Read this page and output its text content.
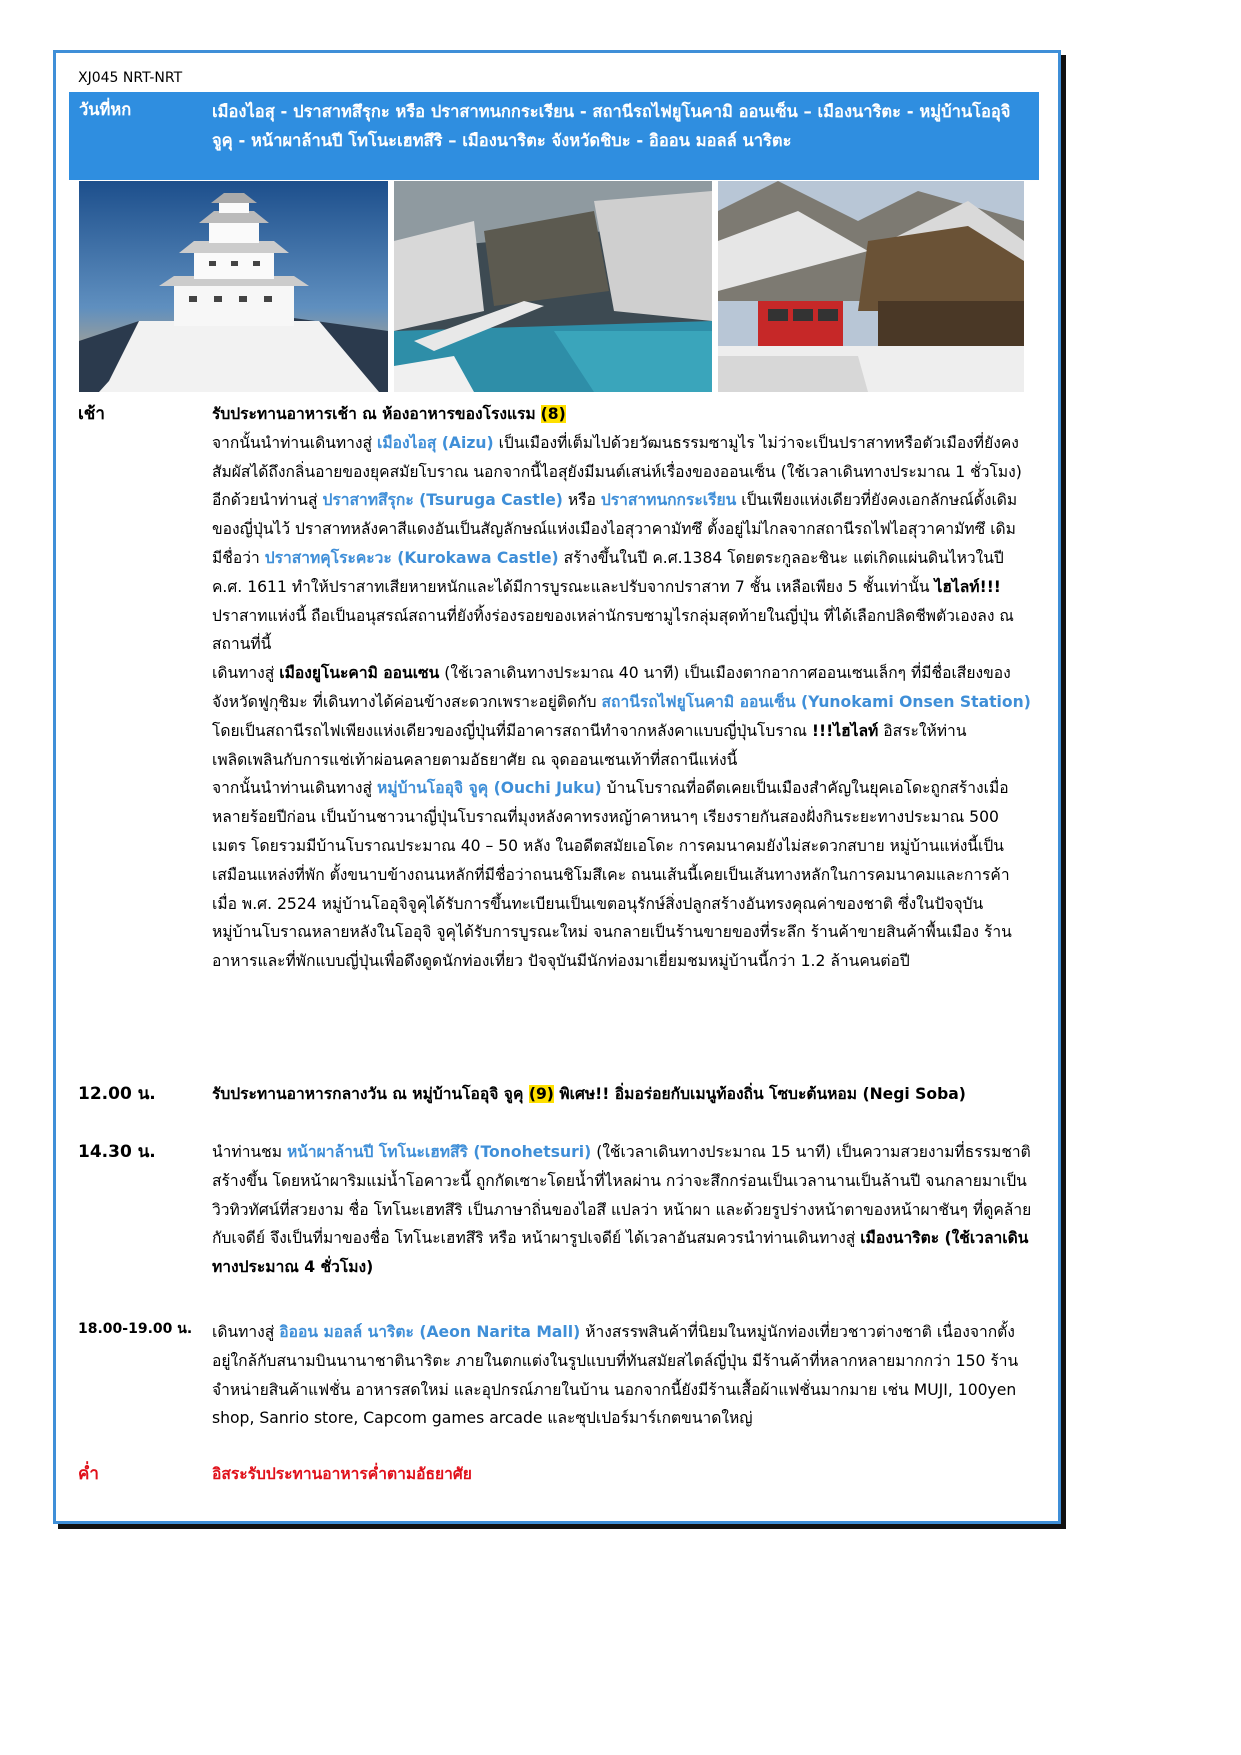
XJ045 NRT-NRT
วันที่หก	เมืองไอสุ - ปราสาทสึรุกะ หรือ ปราสาทนกกระเรียน - สถานีรถไฟยูโนคามิ ออนเซ็น – เมืองนาริตะ - หมู่บ้านโออุจิ จูคุ - หน้าผาล้านปี โทโนะเฮทสึริ – เมืองนาริตะ จังหวัดชิบะ - อิออน มอลล์ นาริตะ
เช้า	รับประทานอาหารเช้า ณ ห้องอาหารของโรงแรม (8)
จากนั้นนำท่านเดินทางสู่ เมืองไอสุ (Aizu) เป็นเมืองที่เต็มไปด้วยวัฒนธรรมซามูไร ไม่ว่าจะเป็นปราสาทหรือตัวเมืองที่ยังคงสัมผัสได้ถึงกลิ่นอายของยุคสมัยโบราณ นอกจากนี้ไอสุยังมีมนต์เสน่ห์เรื่องของออนเซ็น (ใช้เวลาเดินทางประมาณ 1 ชั่วโมง) อีกด้วยนำท่านสู่ ปราสาทสึรุกะ (Tsuruga Castle) หรือ ปราสาทนกกระเรียน เป็นเพียงแห่งเดียวที่ยังคงเอกลักษณ์ดั้งเดิมของญี่ปุ่นไว้ ปราสาทหลังคาสีแดงอันเป็นสัญลักษณ์แห่งเมืองไอสุวาคามัทซึ ตั้งอยู่ไม่ไกลจากสถานีรถไฟไอสุวาคามัทซึ เดิมมีชื่อว่า ปราสาทคุโระคะวะ (Kurokawa Castle) สร้างขึ้นในปี ค.ศ.1384 โดยตระกูลอะชินะ แต่เกิดแผ่นดินไหวในปี ค.ศ. 1611 ทำให้ปราสาทเสียหายหนักและได้มีการบูรณะและปรับจากปราสาท 7 ชั้น เหลือเพียง 5 ชั้นเท่านั้น ไฮไลท์!!! ปราสาทแห่งนี้ ถือเป็นอนุสรณ์สถานที่ยังทิ้งร่องรอยของเหล่านักรบซามูไรกลุ่มสุดท้ายในญี่ปุ่น ที่ได้เลือกปลิดชีพตัวเองลง ณ สถานที่นี้
เดินทางสู่ เมืองยูโนะคามิ ออนเซน (ใช้เวลาเดินทางประมาณ 40 นาที) เป็นเมืองตากอากาศออนเซนเล็กๆ ที่มีชื่อเสียงของจังหวัดฟูกุชิมะ ที่เดินทางได้ค่อนข้างสะดวกเพราะอยู่ติดกับ สถานีรถไฟยูโนคามิ ออนเซ็น (Yunokami Onsen Station) โดยเป็นสถานีรถไฟเพียงแห่งเดียวของญี่ปุ่นที่มีอาคารสถานีทำจากหลังคาแบบญี่ปุ่นโบราณ !!!ไฮไลท์ อิสระให้ท่านเพลิดเพลินกับการแช่เท้าผ่อนคลายตามอัธยาศัย ณ จุดออนเซนเท้าที่สถานีแห่งนี้
จากนั้นนำท่านเดินทางสู่ หมู่บ้านโออุจิ จูคุ (Ouchi Juku) บ้านโบราณที่อดีตเคยเป็นเมืองสำคัญในยุคเอโดะถูกสร้างเมื่อหลายร้อยปีก่อน เป็นบ้านชาวนาญี่ปุ่นโบราณที่มุงหลังคาทรงหญ้าคาหนาๆ เรียงรายกันสองฝั่งกินระยะทางประมาณ 500 เมตร โดยรวมมีบ้านโบราณประมาณ 40 – 50 หลัง ในอดีตสมัยเอโดะ การคมนาคมยังไม่สะดวกสบาย หมู่บ้านแห่งนี้เป็นเสมือนแหล่งที่พัก ตั้งขนาบข้างถนนหลักที่มีชื่อว่าถนนชิโมสึเคะ ถนนเส้นนี้เคยเป็นเส้นทางหลักในการคมนาคมและการค้า เมื่อ พ.ศ. 2524 หมู่บ้านโออุจิจูคุได้รับการขึ้นทะเบียนเป็นเขตอนุรักษ์สิ่งปลูกสร้างอันทรงคุณค่าของชาติ ซึ่งในปัจจุบันหมู่บ้านโบราณหลายหลังในโออุจิ จูคุได้รับการบูรณะใหม่ จนกลายเป็นร้านขายของที่ระลึก ร้านค้าขายสินค้าพื้นเมือง ร้านอาหารและที่พักแบบญี่ปุ่นเพื่อดึงดูดนักท่องเที่ยว ปัจจุบันมีนักท่องมาเยี่ยมชมหมู่บ้านนี้กว่า 1.2 ล้านคนต่อปี
12.00 น.	รับประทานอาหารกลางวัน ณ หมู่บ้านโออุจิ จูคุ (9) พิเศษ!! อิ่มอร่อยกับเมนูท้องถิ่น โซบะต้นหอม (Negi Soba)
14.30 น.	นำท่านชม หน้าผาล้านปี โทโนะเฮทสึริ (Tonohetsuri) (ใช้เวลาเดินทางประมาณ 15 นาที) เป็นความสวยงามที่ธรรมชาติสร้างขึ้น โดยหน้าผาริมแม่น้ำโอคาวะนี้ ถูกกัดเซาะโดยน้ำที่ไหลผ่าน กว่าจะสึกกร่อนเป็นเวลานานเป็นล้านปี จนกลายมาเป็นวิวทิวทัศน์ที่สวยงาม ชื่อ โทโนะเฮทสึริ เป็นภาษาถิ่นของไอสึ แปลว่า หน้าผา และด้วยรูปร่างหน้าตาของหน้าผาชันๆ ที่ดูคล้ายกับเจดีย์ จึงเป็นที่มาของชื่อ โทโนะเฮทสึริ หรือ หน้าผารูปเจดีย์ ได้เวลาอันสมควรนำท่านเดินทางสู่ เมืองนาริตะ (ใช้เวลาเดินทางประมาณ 4 ชั่วโมง)
18.00-19.00 น. เดินทางสู่ อิออน มอลล์ นาริตะ (Aeon Narita Mall) ห้างสรรพสินค้าที่นิยมในหมู่นักท่องเที่ยวชาวต่างชาติ เนื่องจากตั้งอยู่ใกล้กับสนามบินนานาชาตินาริตะ ภายในตกแต่งในรูปแบบที่ทันสมัยสไตล์ญี่ปุ่น มีร้านค้าที่หลากหลายมากกว่า 150 ร้านจำหน่ายสินค้าแฟชั่น อาหารสดใหม่ และอุปกรณ์ภายในบ้าน นอกจากนี้ยังมีร้านเสื้อผ้าแฟชั่นมากมาย เช่น MUJI, 100yen shop, Sanrio store, Capcom games arcade และซุปเปอร์มาร์เกตขนาดใหญ่
ค่ำ	อิสระรับประทานอาหารค่ำตามอัธยาศัย
